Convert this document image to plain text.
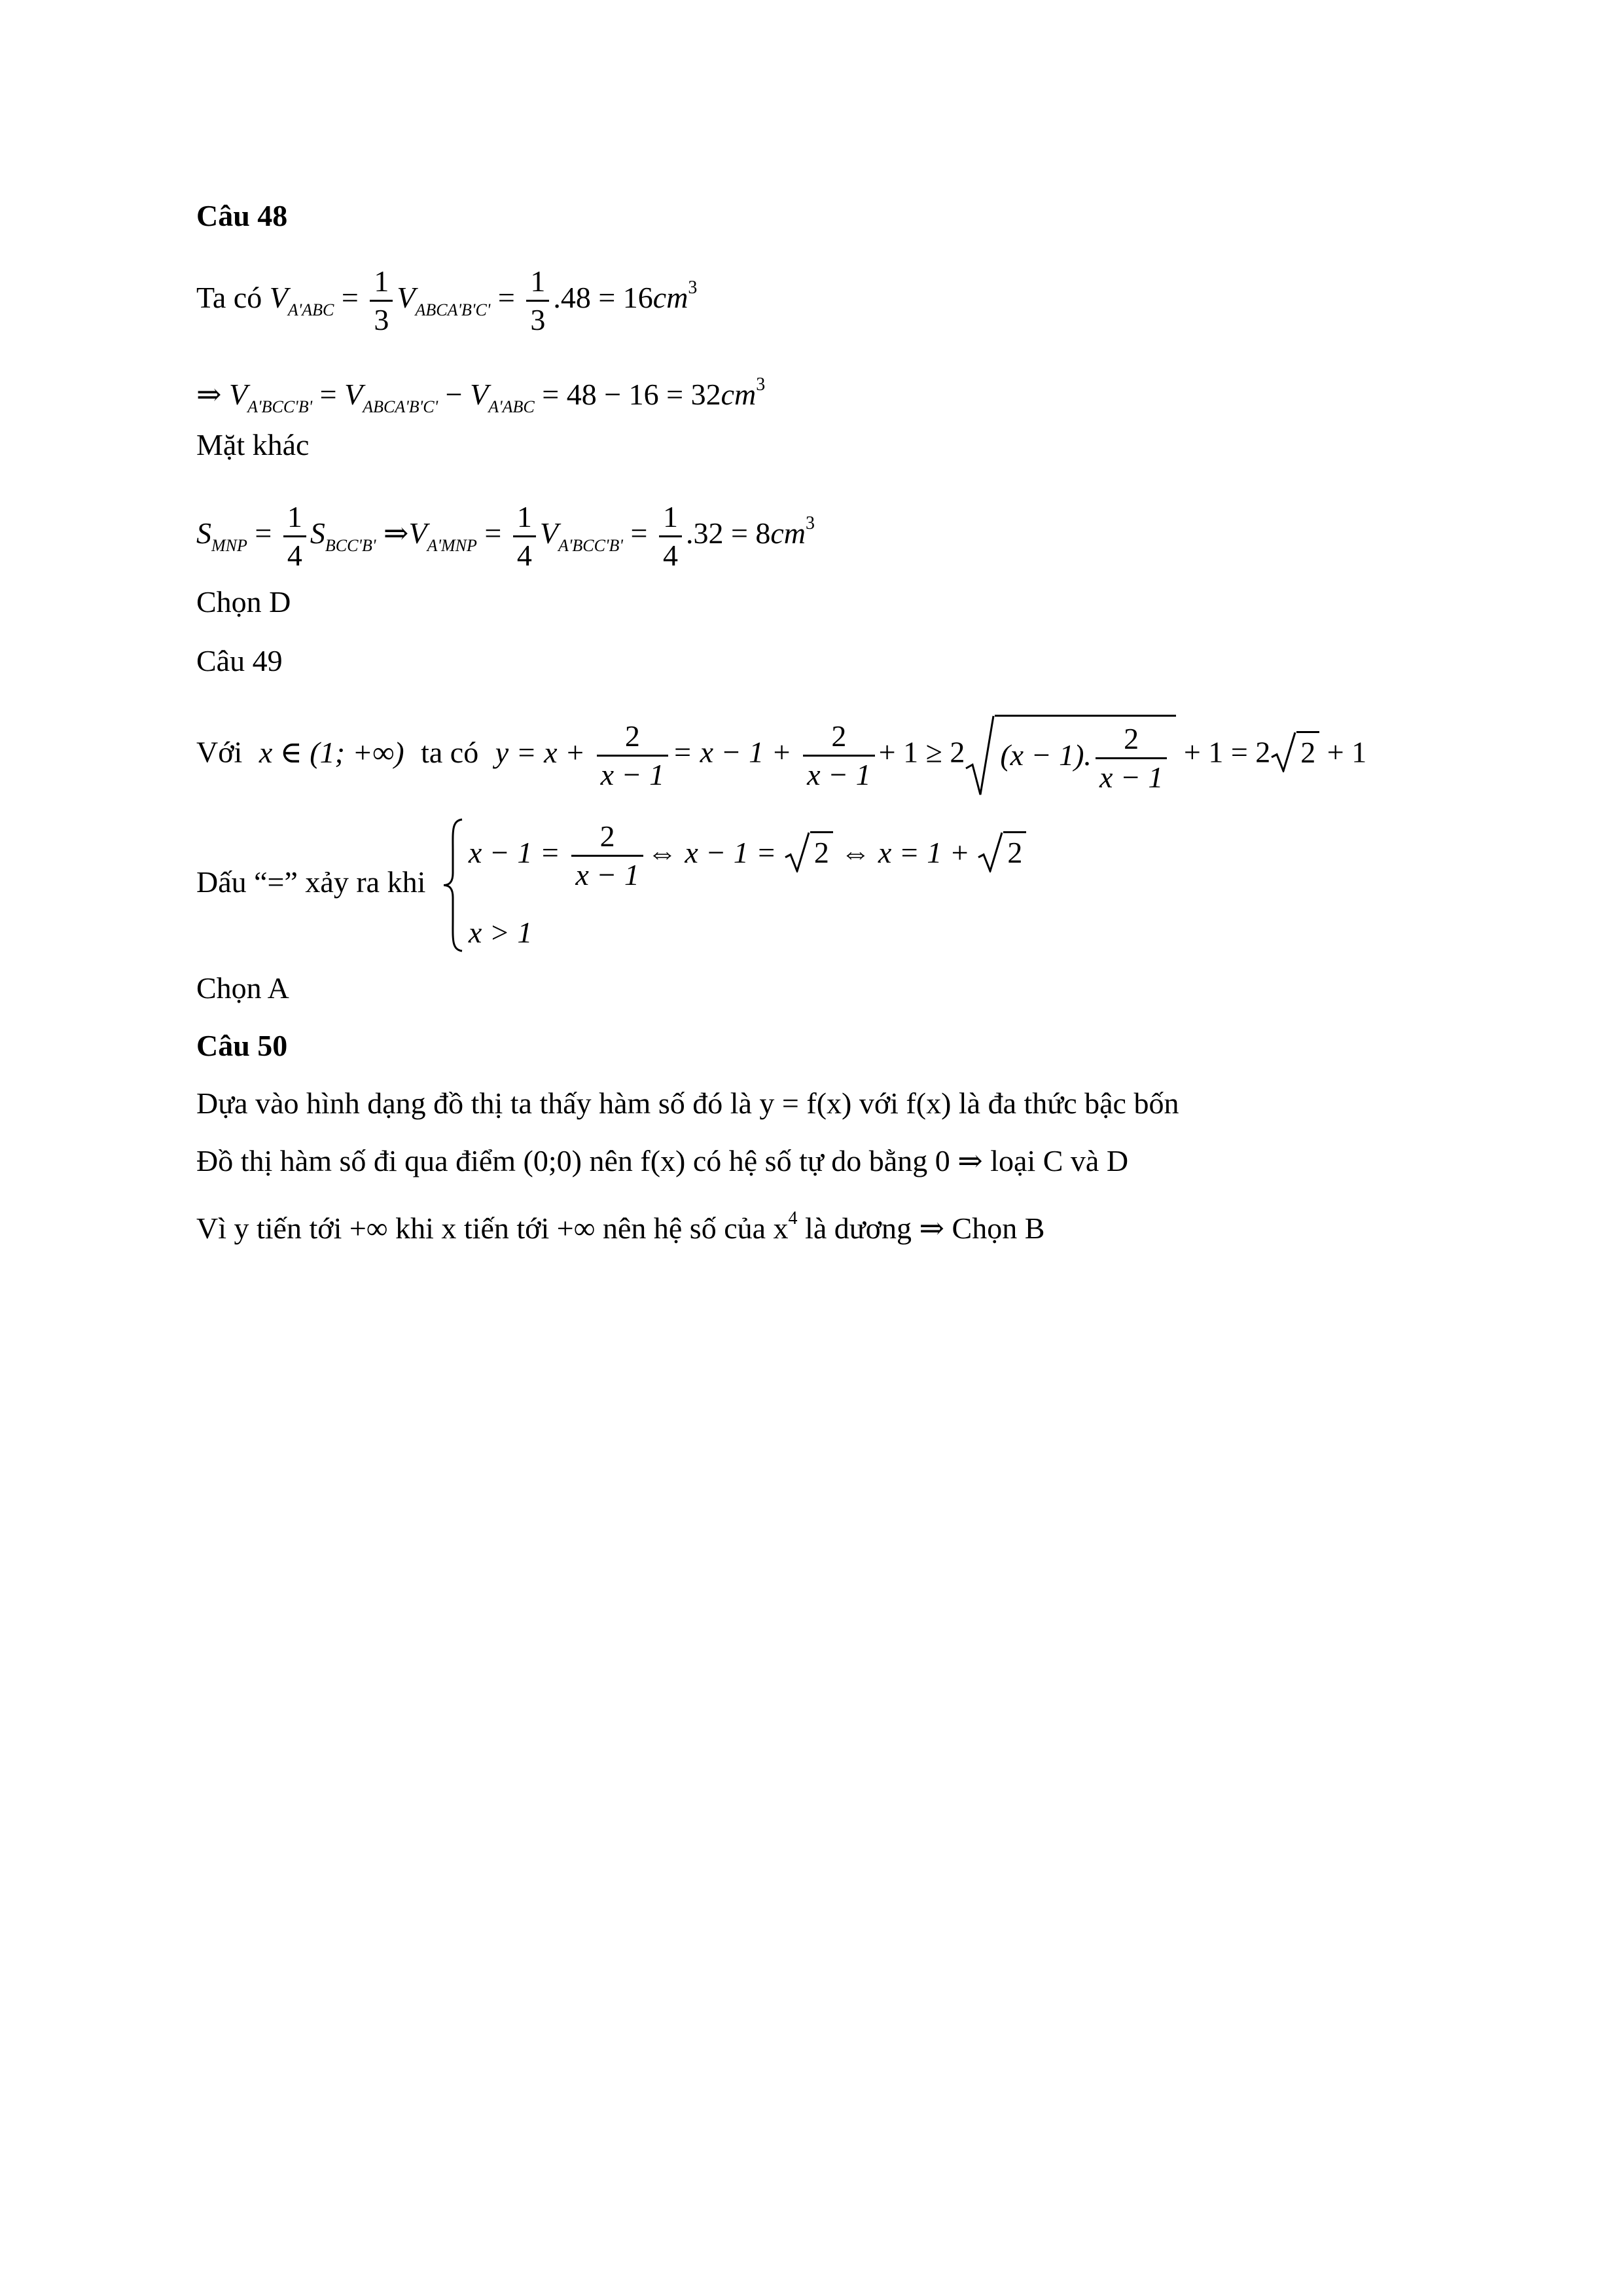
Câu 48
Ta có $V_{A'ABC} = \frac{1}{3} V_{ABCA'B'C'} = \frac{1}{3} .48 = 16cm^3$
⇒ $V_{A'BCC'B'} = V_{ABCA'B'C'} - V_{A'ABC} = 48 - 16 = 32cm^3$
Mặt khác
$S_{MNP} = \frac{1}{4} S_{BCC'B'}$ $\Rightarrow V_{A'MNP} = \frac{1}{4} V_{A'BCC'B'} = \frac{1}{4} .32 = 8cm^3$
Chọn D
Câu 49
Với x ∈ (1; +∞) ta có $y = x + \frac{2}{x - 1} = x - 1 + \frac{2}{x - 1} + 1 \ge 2$ (x − 1). $\frac{2}{x - 1} + 1 = 2$ 2 + 1
Dấu “=” xảy ra khi
$x - 1 = \frac{2}{x - 1}$ ⇔ x − 1 = 2 ⇔ x = 1 + 2
x > 1
Chọn A
Câu 50
Dựa vào hình dạng đồ thị ta thấy hàm số đó là y = f(x) với f(x) là đa thức bậc bốn
Đồ thị hàm số đi qua điểm (0;0) nên f(x) có hệ số tự do bằng 0 ⇒ loại C và D
Vì y tiến tới +∞ khi x tiến tới +∞ nên hệ số của $x^4$ là dương ⇒ Chọn B
